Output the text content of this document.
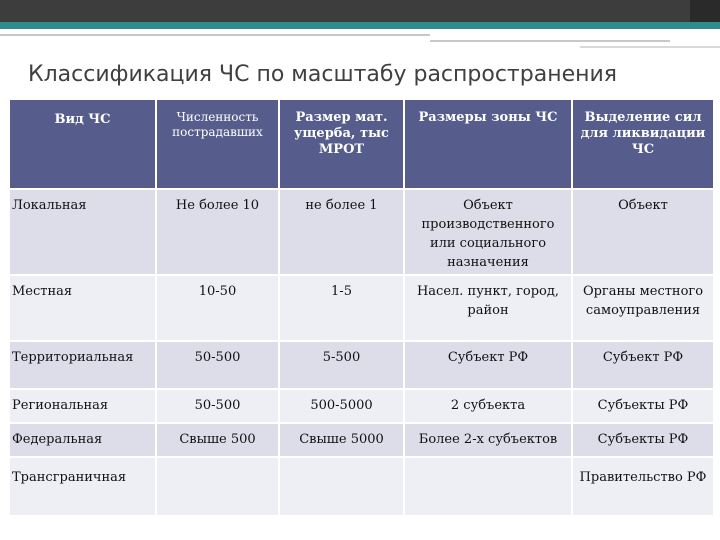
Классификация ЧС по масштабу распространения
Вид ЧС	Численность пострадавших	Размер мат. ущерба, тыс МРОТ	Размеры зоны ЧС	Выделение сил для ликвидации ЧС
Локальная	Не более 10	не более 1	Объект производственного или социального назначения	Объект
Местная	10-50	1-5	Насел. пункт, город, район	Органы местного самоуправления
Территориальная	50-500	5-500	Субъект РФ	Субъект РФ
Региональная	50-500	500-5000	2 субъекта	Субъекты РФ
Федеральная	Свыше 500	Свыше 5000	Более 2-х субъектов	Субъекты РФ
Трансграничная				Правительство РФ
